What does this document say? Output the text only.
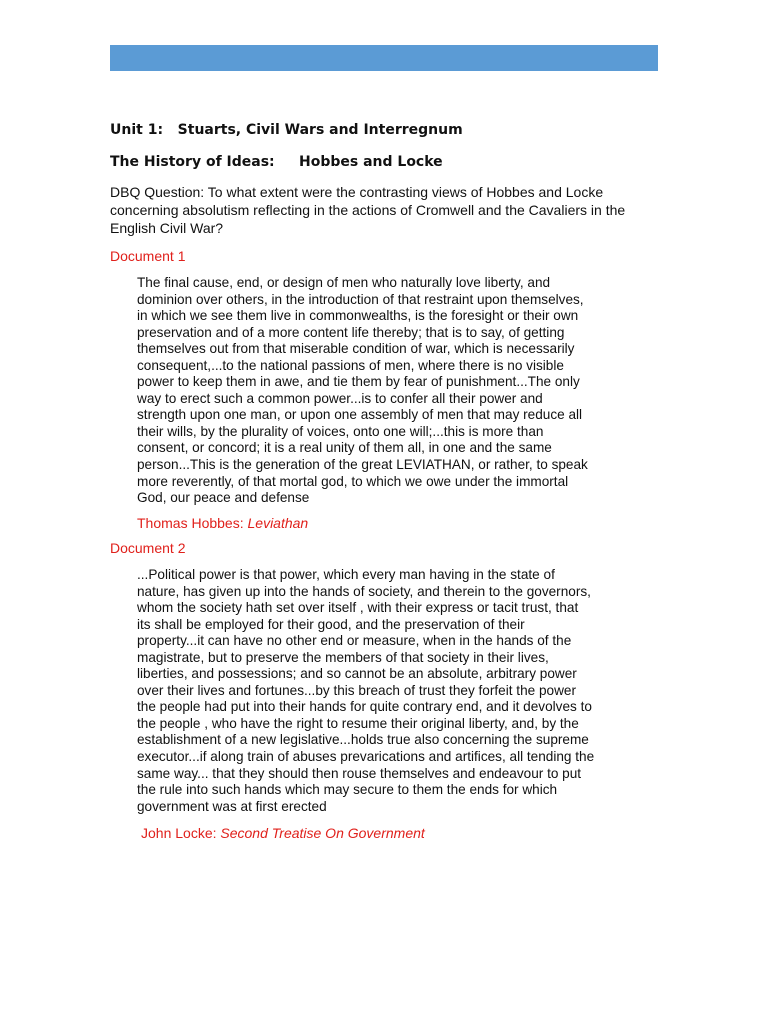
Unit 1:   Stuarts, Civil Wars and Interregnum
The History of Ideas:     Hobbes and Locke

DBQ Question: To what extent were the contrasting views of Hobbes and Locke concerning absolutism reflecting in the actions of Cromwell and the Cavaliers in the English Civil War?

Document 1

The final cause, end, or design of men who naturally love liberty, and
dominion over others, in the introduction of that restraint upon themselves,
in which we see them live in commonwealths, is the foresight or their own
preservation and of a more content life thereby; that is to say, of getting
themselves out from that miserable condition of war, which is necessarily
consequent,...to the national passions of men, where there is no visible
power to keep them in awe, and tie them by fear of punishment...The only
way to erect such a common power...is to confer all their power and
strength upon one man, or upon one assembly of men that may reduce all
their wills, by the plurality of voices, onto one will;...this is more than
consent, or concord; it is a real unity of them all, in one and the same
person...This is the generation of the great LEVIATHAN, or rather, to speak
more reverently, of that mortal god, to which we owe under the immortal
God, our peace and defense

Thomas Hobbes: Leviathan

Document 2

...Political power is that power, which every man having in the state of
nature, has given up into the hands of society, and therein to the governors,
whom the society hath set over itself , with their express or tacit trust, that
its shall be employed for their good, and the preservation of their
property...it can have no other end or measure, when in the hands of the
magistrate, but to preserve the members of that society in their lives,
liberties, and possessions; and so cannot be an absolute, arbitrary power
over their lives and fortunes...by this breach of trust they forfeit the power
the people had put into their hands for quite contrary end, and it devolves to
the people , who have the right to resume their original liberty, and, by the
establishment of a new legislative...holds true also concerning the supreme
executor...if along train of abuses prevarications and artifices, all tending the
same way... that they should then rouse themselves and endeavour to put
the rule into such hands which may secure to them the ends for which
government was at first erected

John Locke: Second Treatise On Government
